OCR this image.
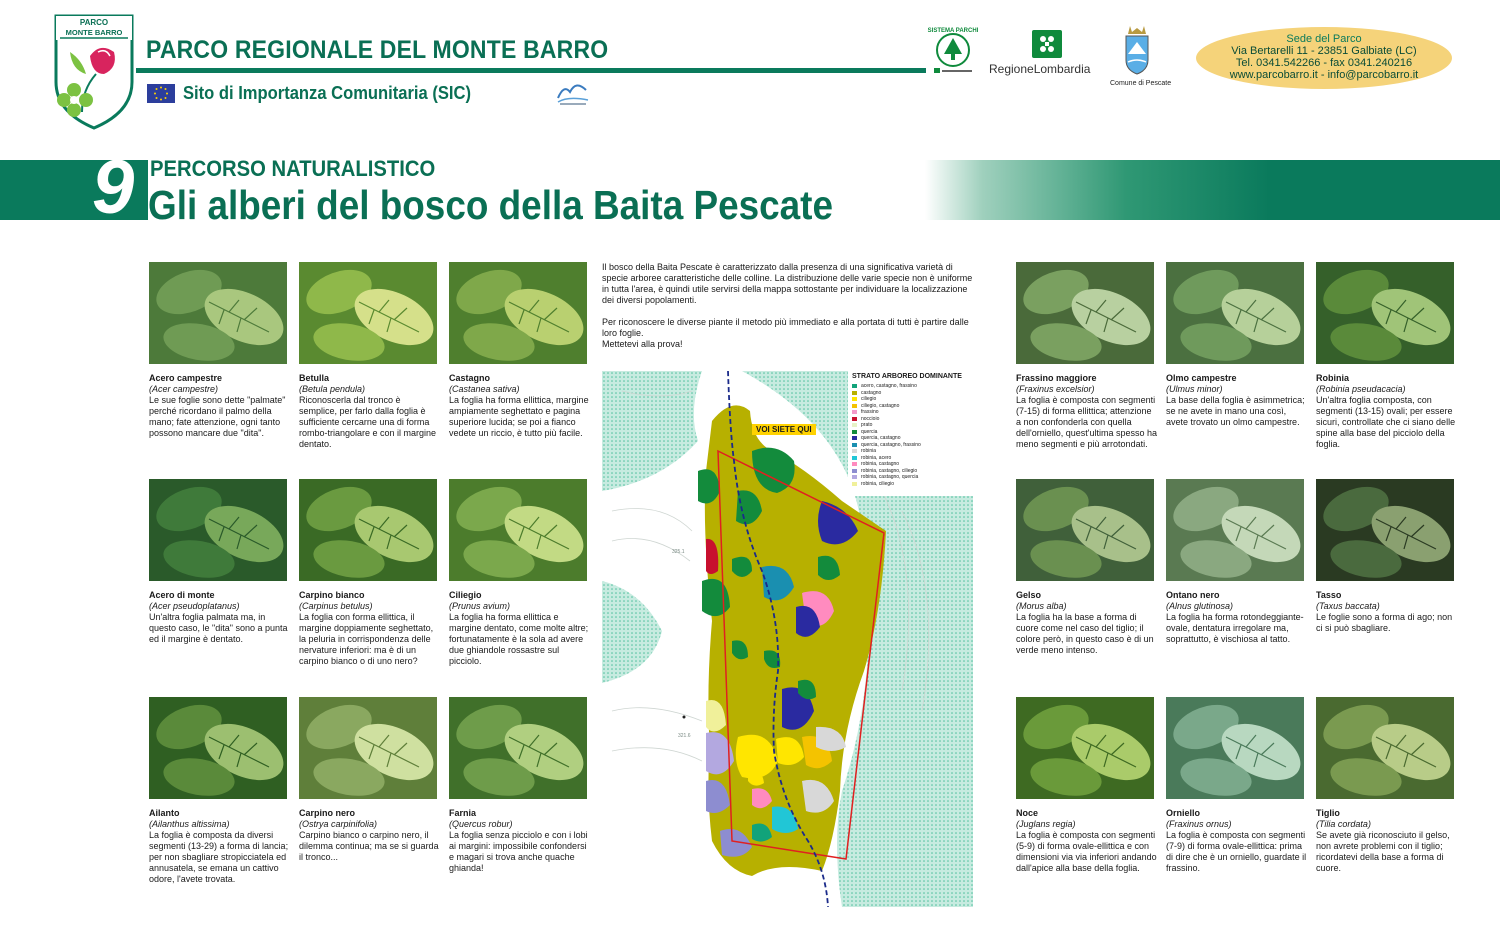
PARCO
MONTE BARRO
PARCO REGIONALE DEL MONTE BARRO
Sito di Importanza Comunitaria (SIC)
SISTEMA PARCHI
RegioneLombardia
Comune di Pescate
Sede del Parco
Via Bertarelli 11 - 23851 Galbiate (LC)
Tel. 0341.542266 - fax 0341.240216
www.parcobarro.it - info@parcobarro.it
9 PERCORSO NATURALISTICO
Gli alberi del bosco della Baita Pescate
Acero campestre
(Acer campestre)
Le sue foglie sono dette "palmate" perché ricordano il palmo della mano; fate attenzione, ogni tanto possono mancare due "dita".
Betulla
(Betula pendula)
Riconoscerla dal tronco è semplice, per farlo dalla foglia è sufficiente cercarne una di forma rombo-triangolare e con il margine dentato.
Castagno
(Castanea sativa)
La foglia ha forma ellittica, margine ampiamente seghettato e pagina superiore lucida; se poi a fianco vedete un riccio, è tutto più facile.
Acero di monte
(Acer pseudoplatanus)
Un'altra foglia palmata ma, in questo caso, le "dita" sono a punta ed il margine è dentato.
Carpino bianco
(Carpinus betulus)
La foglia con forma ellittica, il margine doppiamente seghettato, la peluria in corrispondenza delle nervature inferiori: ma è di un carpino bianco o di uno nero?
Ciliegio
(Prunus avium)
La foglia ha forma ellittica e margine dentato, come molte altre; fortunatamente è la sola ad avere due ghiandole rossastre sul picciolo.
Ailanto
(Ailanthus altissima)
La foglia è composta da diversi segmenti (13-29) a forma di lancia; per non sbagliare stropicciatela ed annusatela, se emana un cattivo odore, l'avete trovata.
Carpino nero
(Ostrya carpinifolia)
Carpino bianco o carpino nero, il dilemma continua; ma se si guarda il tronco...
Farnia
(Quercus robur)
La foglia senza picciolo e con i lobi ai margini: impossibile confondersi e magari si trova anche quache ghianda!
Frassino maggiore
(Fraxinus excelsior)
La foglia è composta con segmenti (7-15) di forma ellittica; attenzione a non confonderla con quella dell'orniello, quest'ultima spesso ha meno segmenti e più arrotondati.
Olmo campestre
(Ulmus minor)
La base della foglia è asimmetrica; se ne avete in mano una così, avete trovato un olmo campestre.
Robinia
(Robinia pseudacacia)
Un'altra foglia composta, con segmenti (13-15) ovali; per essere sicuri, controllate che ci siano delle spine alla base del picciolo della foglia.
Gelso
(Morus alba)
La foglia ha la base a forma di cuore come nel caso del tiglio; il colore però, in questo caso è di un verde meno intenso.
Ontano nero
(Alnus glutinosa)
La foglia ha forma rotondeggiante-ovale, dentatura irregolare ma, soprattutto, è vischiosa al tatto.
Tasso
(Taxus baccata)
Le foglie sono a forma di ago; non ci si può sbagliare.
Noce
(Juglans regia)
La foglia è composta con segmenti (5-9) di forma ovale-ellittica e con dimensioni via via inferiori andando dall'apice alla base della foglia.
Orniello
(Fraxinus ornus)
La foglia è composta con segmenti (7-9) di forma ovale-ellittica: prima di dire che è un orniello, guardate il frassino.
Tiglio
(Tilia cordata)
Se avete già riconosciuto il gelso, non avrete problemi con il tiglio; ricordatevi della base a forma di cuore.

Il bosco della Baita Pescate è caratterizzato dalla presenza di una significativa varietà di specie arboree caratteristiche delle colline. La distribuzione delle varie specie non è uniforme in tutta l'area, è quindi utile servirsi della mappa sottostante per individuare la localizzazione dei diversi popolamenti.

Per riconoscere le diverse piante il metodo più immediato e alla portata di tutti è partire dalle loro foglie.

Mettetevi alla prova!

325.1
321.6
STRATO ARBOREO DOMINANTE
acero, castagno, frassino
castagno
ciliegio
ciliegio, castagno
frassino
noccioio
prato
quercia
quercia, castagno
quercia, castagno, frassino
robinia
robinia, acero
robinia, castagno
robinia, castagno, ciliegio
robinia, castagno, quercia
robinia, ciliegio
VOI SIETE QUI
